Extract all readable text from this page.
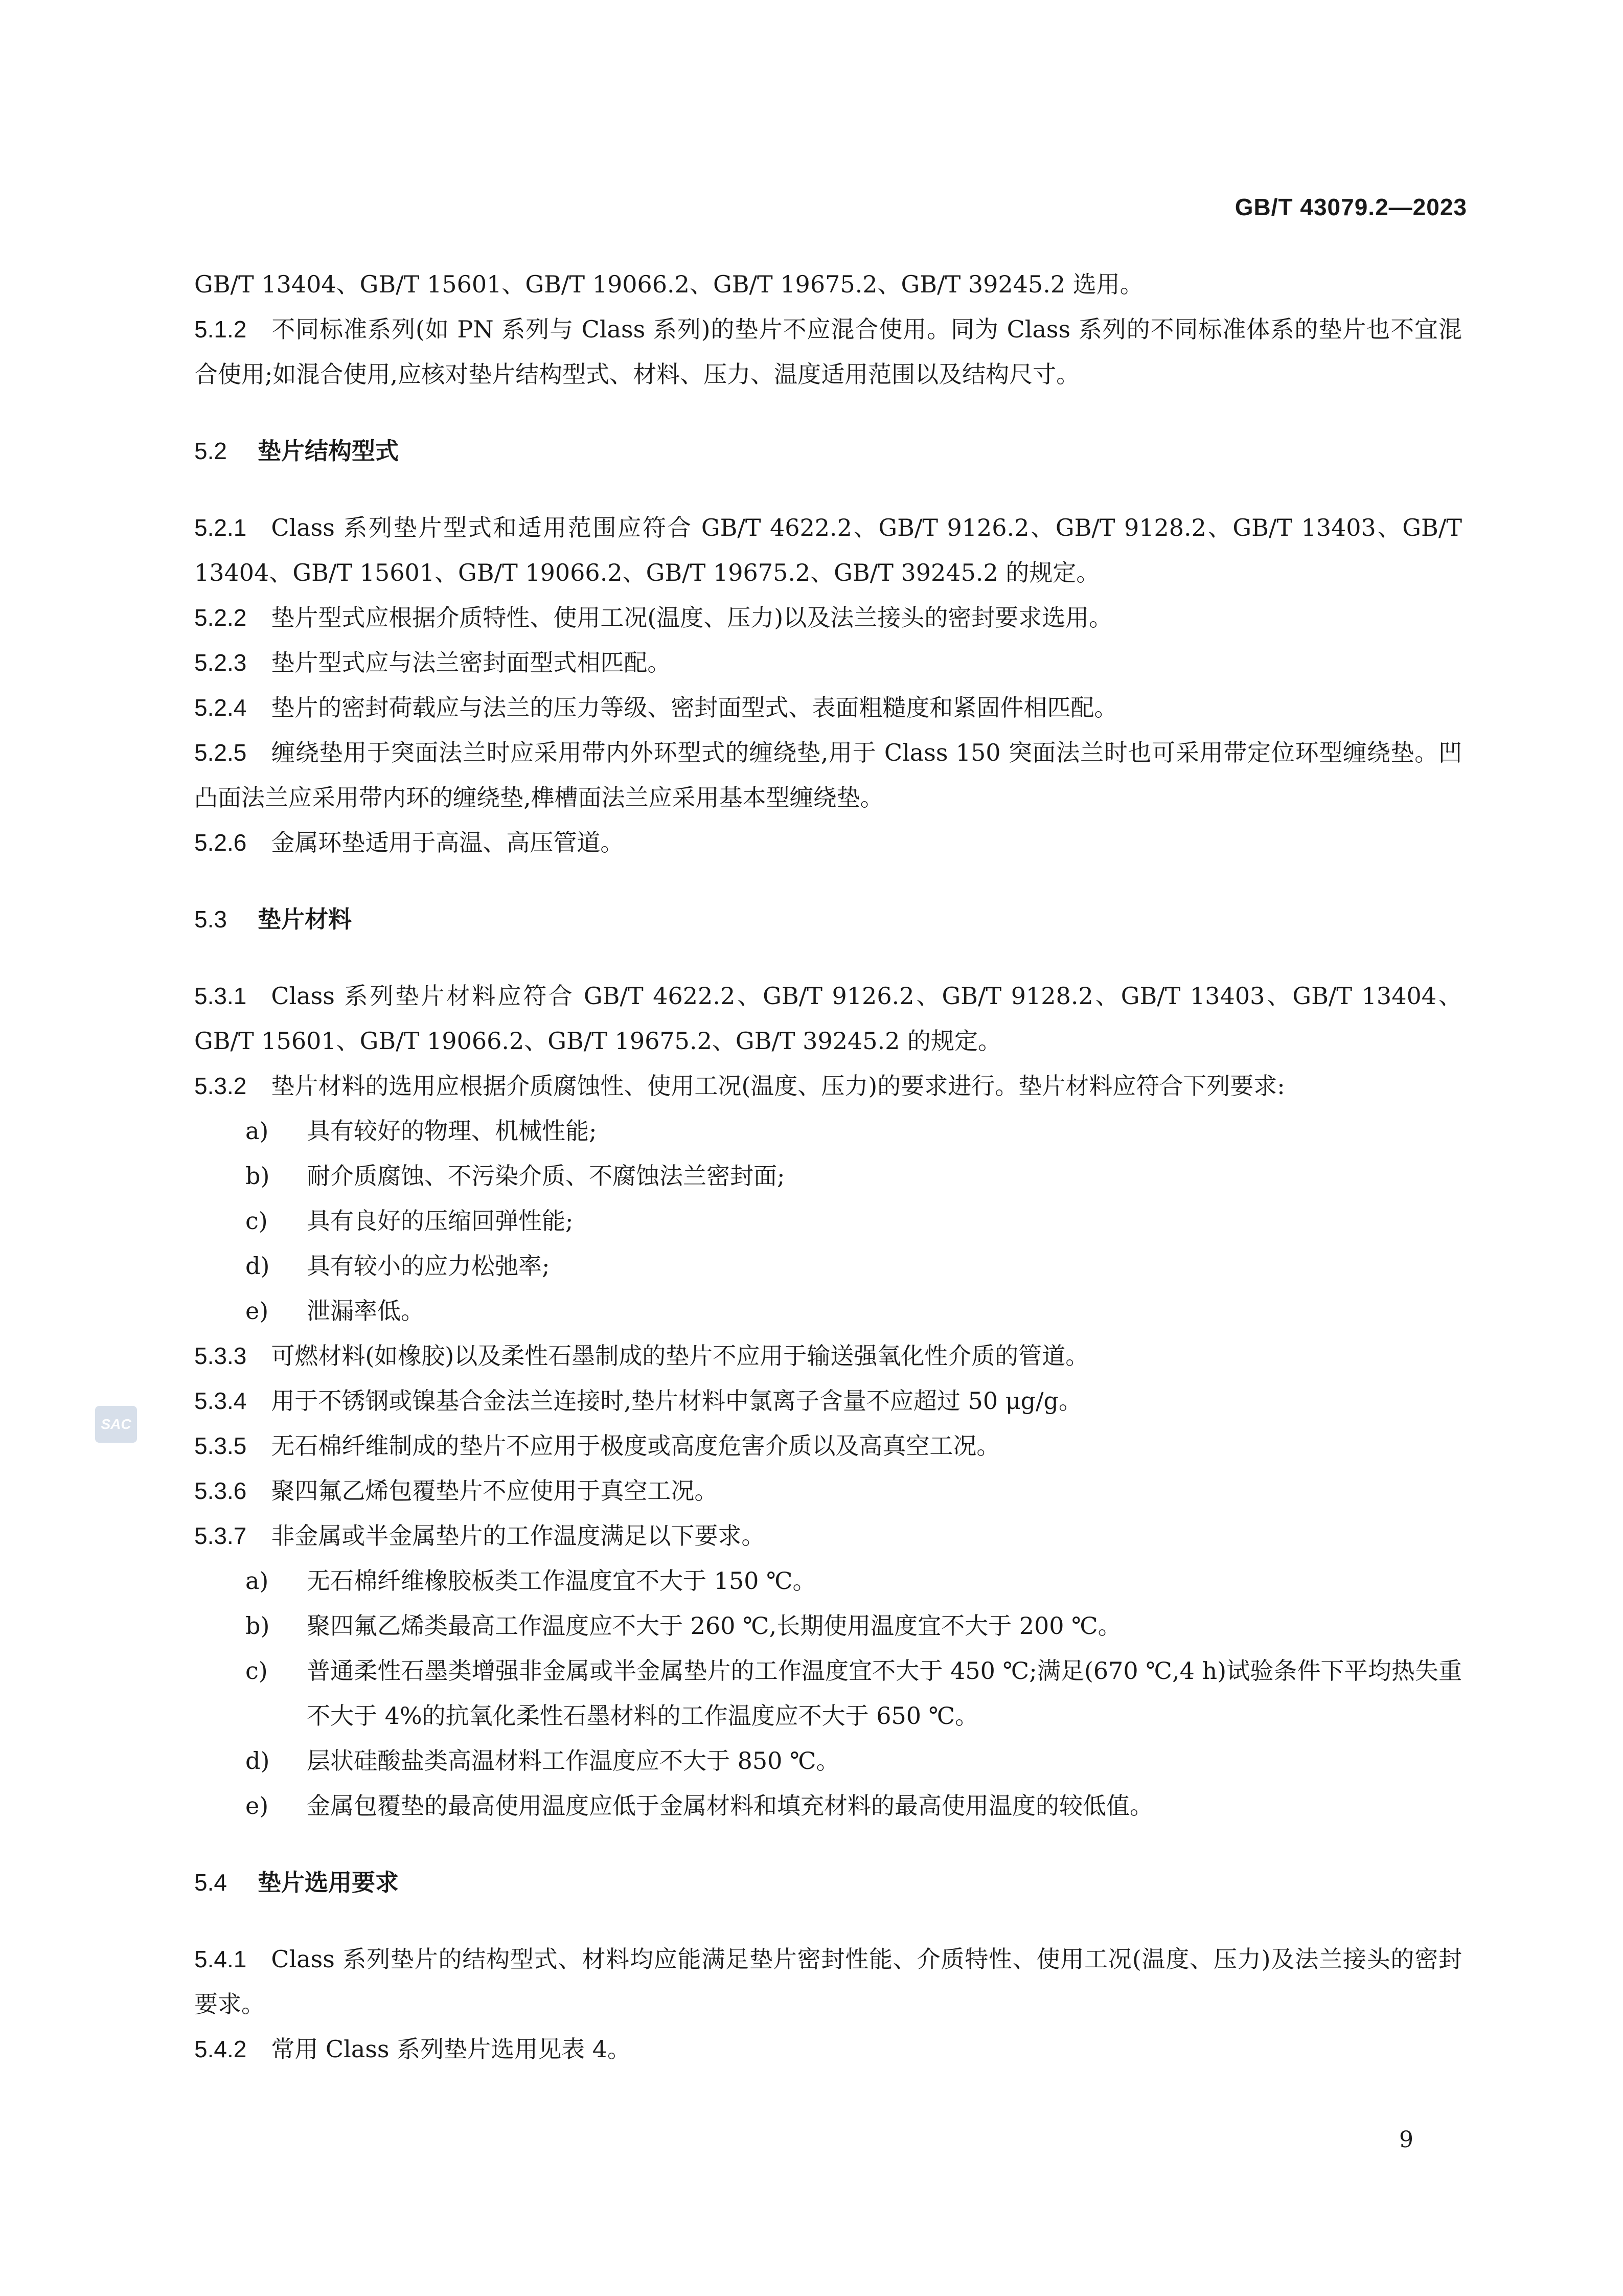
GB/T 43079.2—2023

GB/T 13404、GB/T 15601、GB/T 19066.2、GB/T 19675.2、GB/T 39245.2 选用。

5.1.2 不同标准系列(如 PN 系列与 Class 系列)的垫片不应混合使用。同为 Class 系列的不同标准体系的垫片也不宜混合使用;如混合使用,应核对垫片结构型式、材料、压力、温度适用范围以及结构尺寸。

5.2 垫片结构型式

5.2.1 Class 系列垫片型式和适用范围应符合 GB/T 4622.2、GB/T 9126.2、GB/T 9128.2、GB/T 13403、GB/T 13404、GB/T 15601、GB/T 19066.2、GB/T 19675.2、GB/T 39245.2 的规定。

5.2.2 垫片型式应根据介质特性、使用工况(温度、压力)以及法兰接头的密封要求选用。

5.2.3 垫片型式应与法兰密封面型式相匹配。

5.2.4 垫片的密封荷载应与法兰的压力等级、密封面型式、表面粗糙度和紧固件相匹配。

5.2.5 缠绕垫用于突面法兰时应采用带内外环型式的缠绕垫,用于 Class 150 突面法兰时也可采用带定位环型缠绕垫。凹凸面法兰应采用带内环的缠绕垫,榫槽面法兰应采用基本型缠绕垫。

5.2.6 金属环垫适用于高温、高压管道。

5.3 垫片材料

5.3.1 Class 系列垫片材料应符合 GB/T 4622.2、GB/T 9126.2、GB/T 9128.2、GB/T 13403、GB/T 13404、GB/T 15601、GB/T 19066.2、GB/T 19675.2、GB/T 39245.2 的规定。

5.3.2 垫片材料的选用应根据介质腐蚀性、使用工况(温度、压力)的要求进行。垫片材料应符合下列要求:

a) 具有较好的物理、机械性能;

b) 耐介质腐蚀、不污染介质、不腐蚀法兰密封面;

c) 具有良好的压缩回弹性能;

d) 具有较小的应力松弛率;

e) 泄漏率低。

5.3.3 可燃材料(如橡胶)以及柔性石墨制成的垫片不应用于输送强氧化性介质的管道。

5.3.4 用于不锈钢或镍基合金法兰连接时,垫片材料中氯离子含量不应超过 50 μg/g。

5.3.5 无石棉纤维制成的垫片不应用于极度或高度危害介质以及高真空工况。

5.3.6 聚四氟乙烯包覆垫片不应使用于真空工况。

5.3.7 非金属或半金属垫片的工作温度满足以下要求。

a) 无石棉纤维橡胶板类工作温度宜不大于 150 ℃。

b) 聚四氟乙烯类最高工作温度应不大于 260 ℃,长期使用温度宜不大于 200 ℃。

c) 普通柔性石墨类增强非金属或半金属垫片的工作温度宜不大于 450 ℃;满足(670 ℃,4 h)试验条件下平均热失重不大于 4%的抗氧化柔性石墨材料的工作温度应不大于 650 ℃。

d) 层状硅酸盐类高温材料工作温度应不大于 850 ℃。

e) 金属包覆垫的最高使用温度应低于金属材料和填充材料的最高使用温度的较低值。

5.4 垫片选用要求

5.4.1 Class 系列垫片的结构型式、材料均应能满足垫片密封性能、介质特性、使用工况(温度、压力)及法兰接头的密封要求。

5.4.2 常用 Class 系列垫片选用见表 4。

SAC
9
